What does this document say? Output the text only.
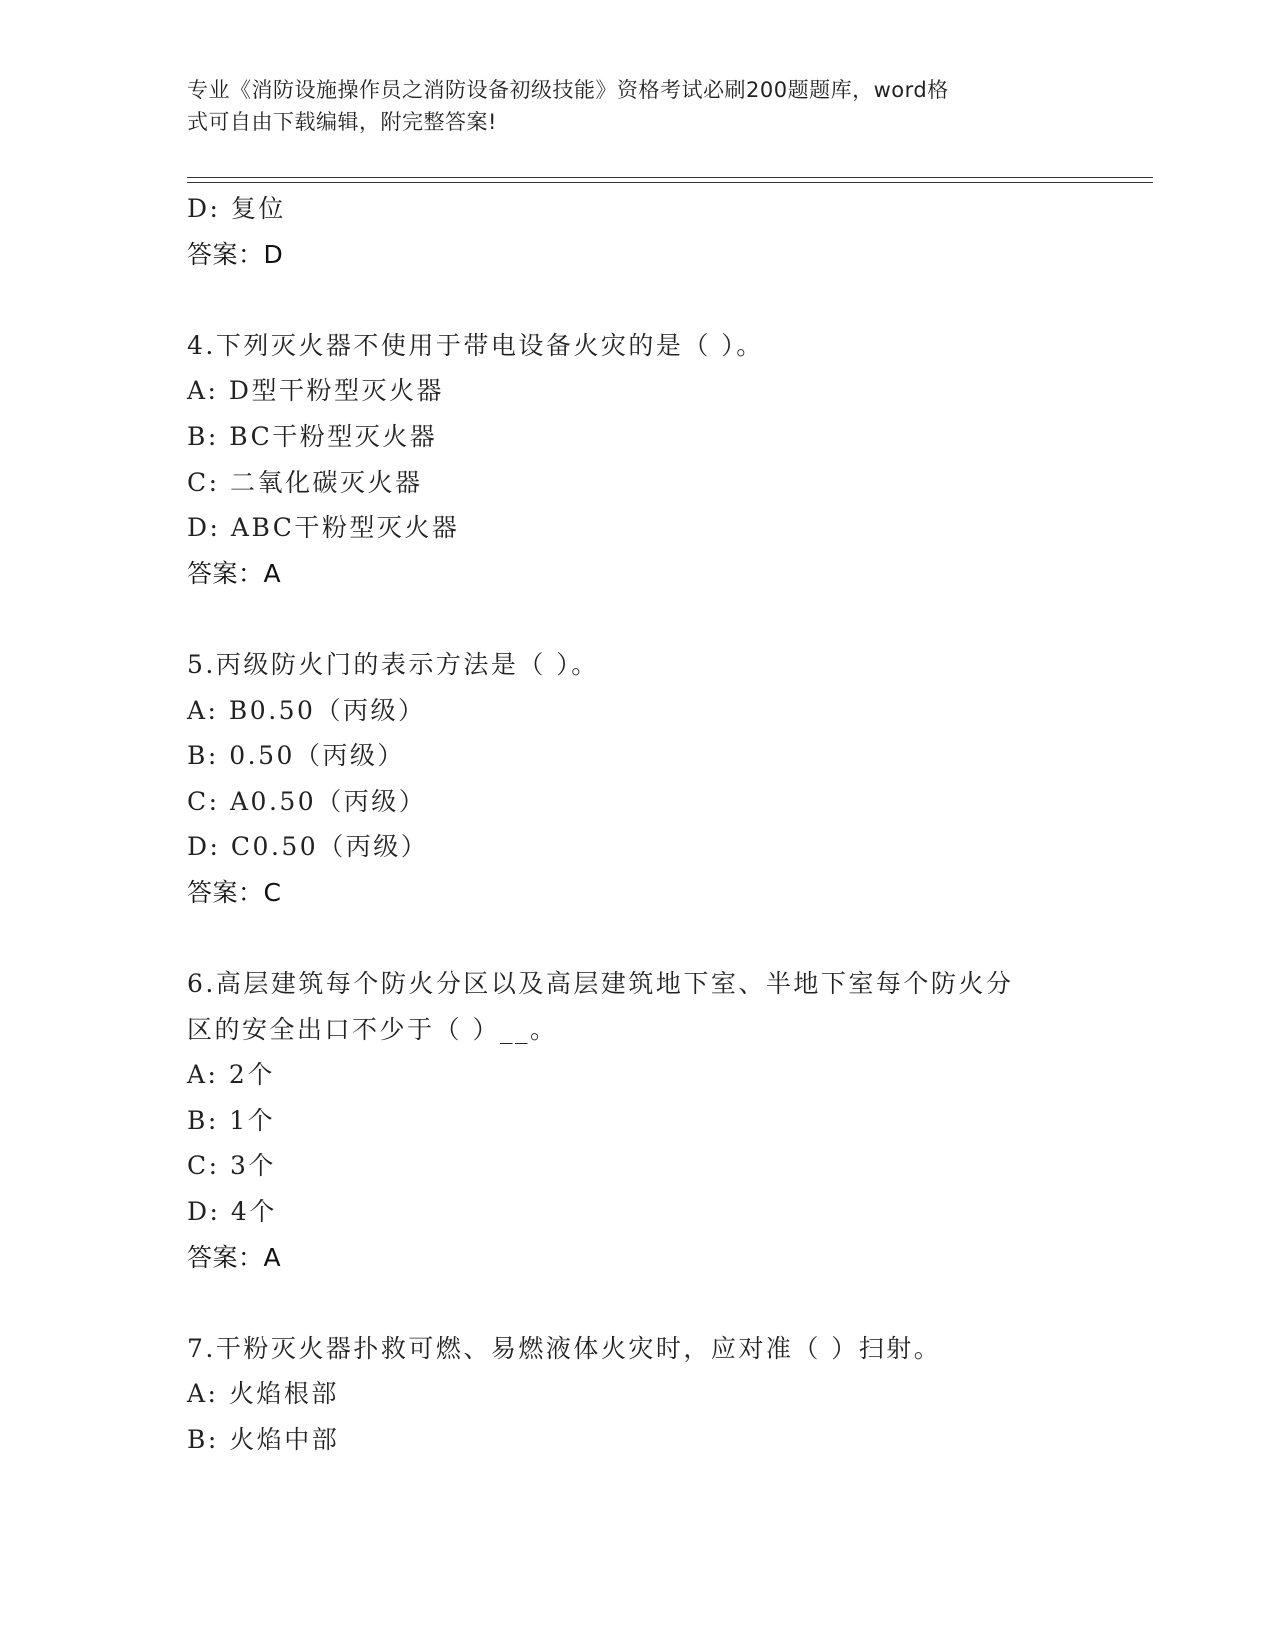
专业《消防设施操作员之消防设备初级技能》资格考试必刷200题题库，word格
式可自由下载编辑，附完整答案!
D: 复位
答案：D
4.下列灭火器不使用于带电设备火灾的是（ ）。
A: D型干粉型灭火器
B: BC干粉型灭火器
C: 二氧化碳灭火器
D: ABC干粉型灭火器
答案：A
5.丙级防火门的表示方法是（ ）。
A: B0.50（丙级）
B: 0.50（丙级）
C: A0.50（丙级）
D: C0.50（丙级）
答案：C
6.高层建筑每个防火分区以及高层建筑地下室、半地下室每个防火分
区的安全出口不少于（ ）__。
A: 2个
B: 1个
C: 3个
D: 4个
答案：A
7.干粉灭火器扑救可燃、易燃液体火灾时，应对准（ ）扫射。
A: 火焰根部
B: 火焰中部
